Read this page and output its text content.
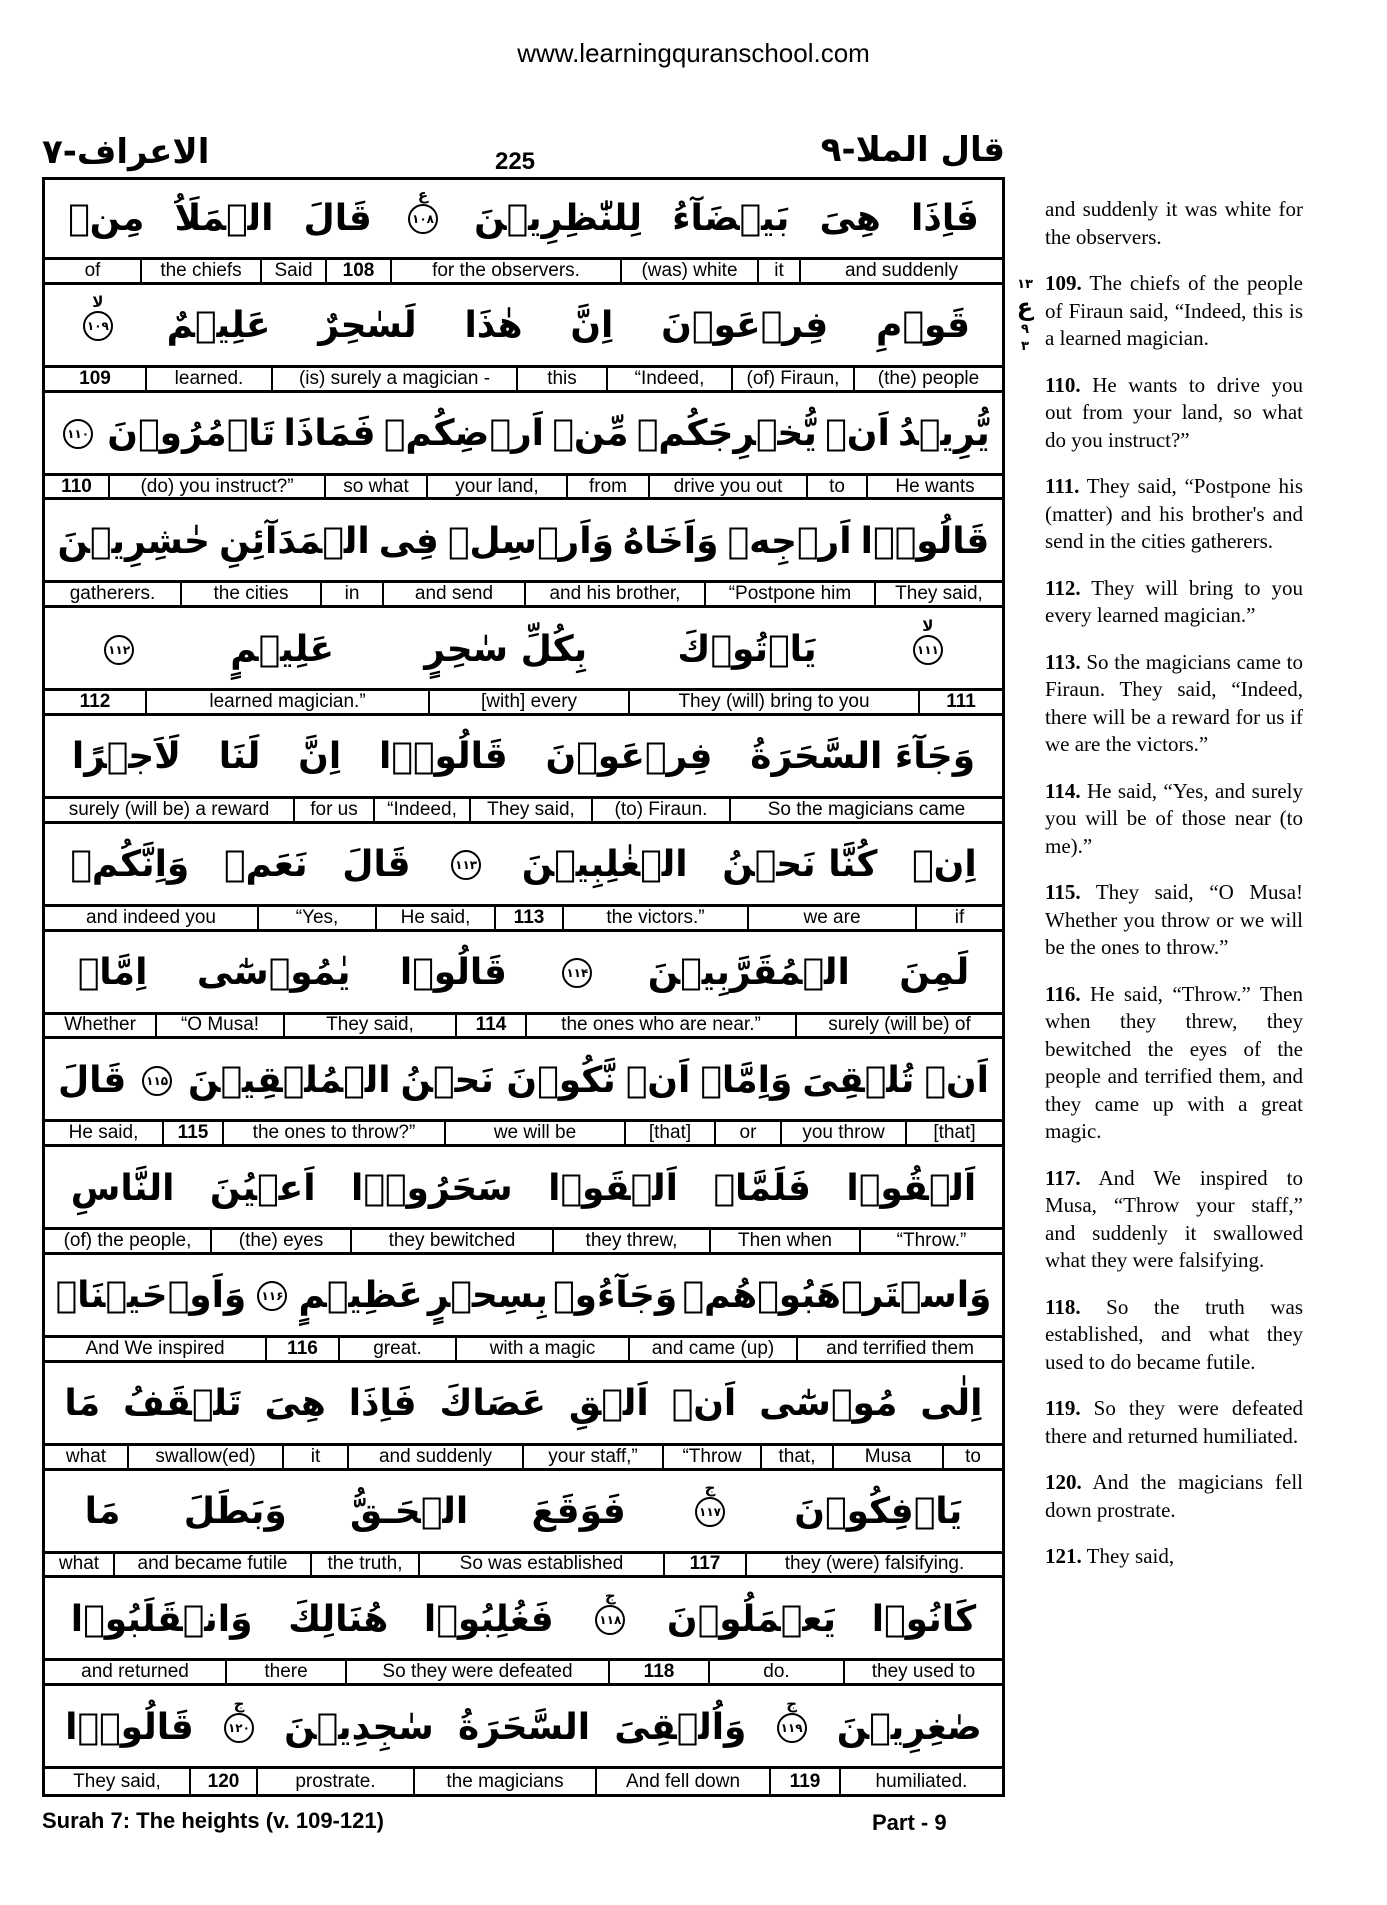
www.learningquranschool.com
الاعراف-۷	225	قال الملا-۹
فَاِذَا
هِىَ
بَيۡضَآءُ
لِلنّٰظِرِيۡنَ
ع
۱۰۸
قَالَ
الۡمَلَاُ
مِنۡ
of	the chiefs	Said	108	for the observers.	(was) white	it	and suddenly
قَوۡمِ
فِرۡعَوۡنَ
اِنَّ
هٰذَا
لَسٰحِرٌ
عَلِيۡمٌ
لا
۱۰۹
109	learned.	(is) surely a magician -	this	“Indeed,	(of) Firaun,	(the) people
يُّرِيۡدُ
اَنۡ
يُّخۡرِجَكُمۡ
مِّنۡ
اَرۡضِكُمۡ
فَمَاذَا
تَاۡمُرُوۡنَ
۱۱۰
110	(do) you instruct?”	so what	your land,	from	drive you out	to	He wants
قَالُوۡۤا
اَرۡجِهۡ
وَاَخَاهُ
وَاَرۡسِلۡ
فِى
الۡمَدَآئِنِ
حٰشِرِيۡنَ
gatherers.	the cities	in	and send	and his brother,	“Postpone him	They said,
لا
۱۱۱
يَاۡتُوۡكَ
بِكُلِّ سٰحِرٍ
عَلِيۡمٍ
۱۱۲
112	learned magician.”	[with] every	They (will) bring to you	111
وَجَآءَ السَّحَرَةُ
فِرۡعَوۡنَ
قَالُوۡۤا
اِنَّ
لَنَا
لَاَجۡرًا
surely (will be) a reward	for us	“Indeed,	They said,	(to) Firaun.	So the magicians came
اِنۡ
كُنَّا نَحۡنُ
الۡغٰلِبِيۡنَ
۱۱۳
قَالَ
نَعَمۡ
وَاِنَّكُمۡ
and indeed you	“Yes,	He said,	113	the victors.”	we are	if
لَمِنَ
الۡمُقَرَّبِيۡنَ
۱۱۴
قَالُوۡا
يٰمُوۡسٰٓى
اِمَّاۤ
Whether	“O Musa!	They said,	114	the ones who are near.”	surely (will be) of
اَنۡ
تُلۡقِىَ
وَاِمَّاۤ
اَنۡ
نَّكُوۡنَ نَحۡنُ
الۡمُلۡقِيۡنَ
۱۱۵
قَالَ
He said,	115	the ones to throw?”	we will be	[that]	or	you throw	[that]
اَلۡقُوۡا
فَلَمَّاۤ
اَلۡقَوۡا
سَحَرُوۡۤا
اَعۡيُنَ
النَّاسِ
(of) the people,	(the) eyes	they bewitched	they threw,	Then when	“Throw.”
وَاسۡتَرۡهَبُوۡهُمۡ
وَجَآءُوۡ
بِسِحۡرٍ
عَظِيۡمٍ
۱۱۶
وَاَوۡحَيۡنَاۤ
And We inspired	116	great.	with a magic	and came (up)	and terrified them
اِلٰى
مُوۡسٰٓى
اَنۡ
اَلۡقِ
عَصَاكَ
فَاِذَا
هِىَ
تَلۡقَفُ
مَا
what	swallow(ed)	it	and suddenly	your staff,”	“Throw	that,	Musa	to
يَاۡفِكُوۡنَ
ج
۱۱۷
فَوَقَعَ
الۡحَـقُّ
وَبَطَلَ
مَا
what	and became futile	the truth,	So was established	117	they (were) falsifying.
كَانُوۡا
يَعۡمَلُوۡنَ
ج
۱۱۸
فَغُلِبُوۡا
هُنَالِكَ
وَانۡقَلَبُوۡا
and returned	there	So they were defeated	118	do.	they used to
صٰغِرِيۡنَ
ج
۱۱۹
وَاُلۡقِىَ
السَّحَرَةُ
سٰجِدِيۡنَ
ج
۱۲۰
قَالُوۡۤا
They said,	120	prostrate.	the magicians	And fell down	119	humiliated.
۱۳
ع
۹
۳
and suddenly it was white for the observers.
109. The chiefs of the people of Firaun said, “Indeed, this is a learned magician.
110. He wants to drive you out from your land, so what do you instruct?”
111. They said, “Postpone his (matter) and his brother's and send in the cities gatherers.
112. They will bring to you every learned magician.”
113. So the magicians came to Firaun. They said, “Indeed, there will be a reward for us if we are the victors.”
114. He said, “Yes, and surely you will be of those near (to me).”
115. They said, “O Musa! Whether you throw or we will be the ones to throw.”
116. He said, “Throw.” Then when they threw, they bewitched the eyes of the people and terrified them, and they came up with a great magic.
117. And We inspired to Musa, “Throw your staff,” and suddenly it swallowed what they were falsifying.
118. So the truth was established, and what they used to do became futile.
119. So they were defeated there and returned humiliated.
120. And the magicians fell down prostrate.
121. They said,
Surah 7: The heights (v. 109-121)	Part - 9
